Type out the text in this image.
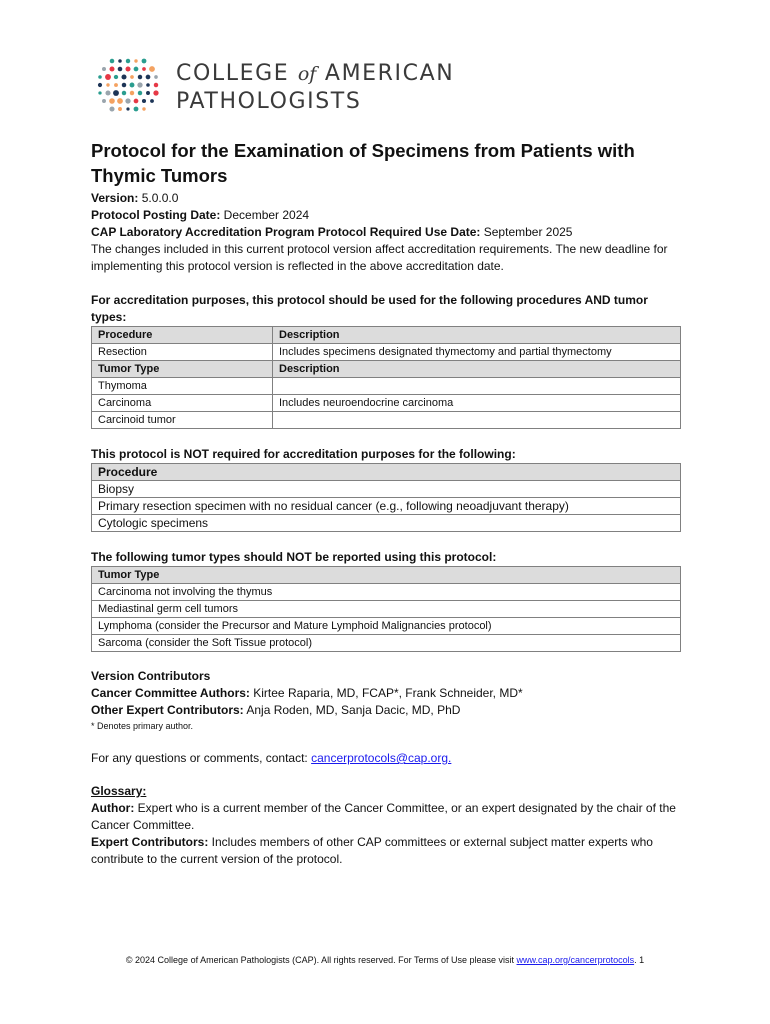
COLLEGE of AMERICAN
PATHOLOGISTS
Protocol for the Examination of Specimens from Patients with Thymic Tumors

Version: 5.0.0.0

Protocol Posting Date: December 2024

CAP Laboratory Accreditation Program Protocol Required Use Date: September 2025

The changes included in this current protocol version affect accreditation requirements. The new deadline for implementing this protocol version is reflected in the above accreditation date.

For accreditation purposes, this protocol should be used for the following procedures AND tumor types:
Procedure	Description
Resection	Includes specimens designated thymectomy and partial thymectomy
Tumor Type	Description
Thymoma	
Carcinoma	Includes neuroendocrine carcinoma
Carcinoid tumor	
This protocol is NOT required for accreditation purposes for the following:
Procedure
Biopsy
Primary resection specimen with no residual cancer (e.g., following neoadjuvant therapy)
Cytologic specimens
The following tumor types should NOT be reported using this protocol:
Tumor Type
Carcinoma not involving the thymus
Mediastinal germ cell tumors
Lymphoma (consider the Precursor and Mature Lymphoid Malignancies protocol)
Sarcoma (consider the Soft Tissue protocol)

Version Contributors

Cancer Committee Authors: Kirtee Raparia, MD, FCAP*, Frank Schneider, MD*

Other Expert Contributors: Anja Roden, MD, Sanja Dacic, MD, PhD

* Denotes primary author.

For any questions or comments, contact: cancerprotocols@cap.org.

Glossary:

Author: Expert who is a current member of the Cancer Committee, or an expert designated by the chair of the Cancer Committee.

Expert Contributors: Includes members of other CAP committees or external subject matter experts who contribute to the current version of the protocol.

© 2024 College of American Pathologists (CAP). All rights reserved. For Terms of Use please visit www.cap.org/cancerprotocols. 1
